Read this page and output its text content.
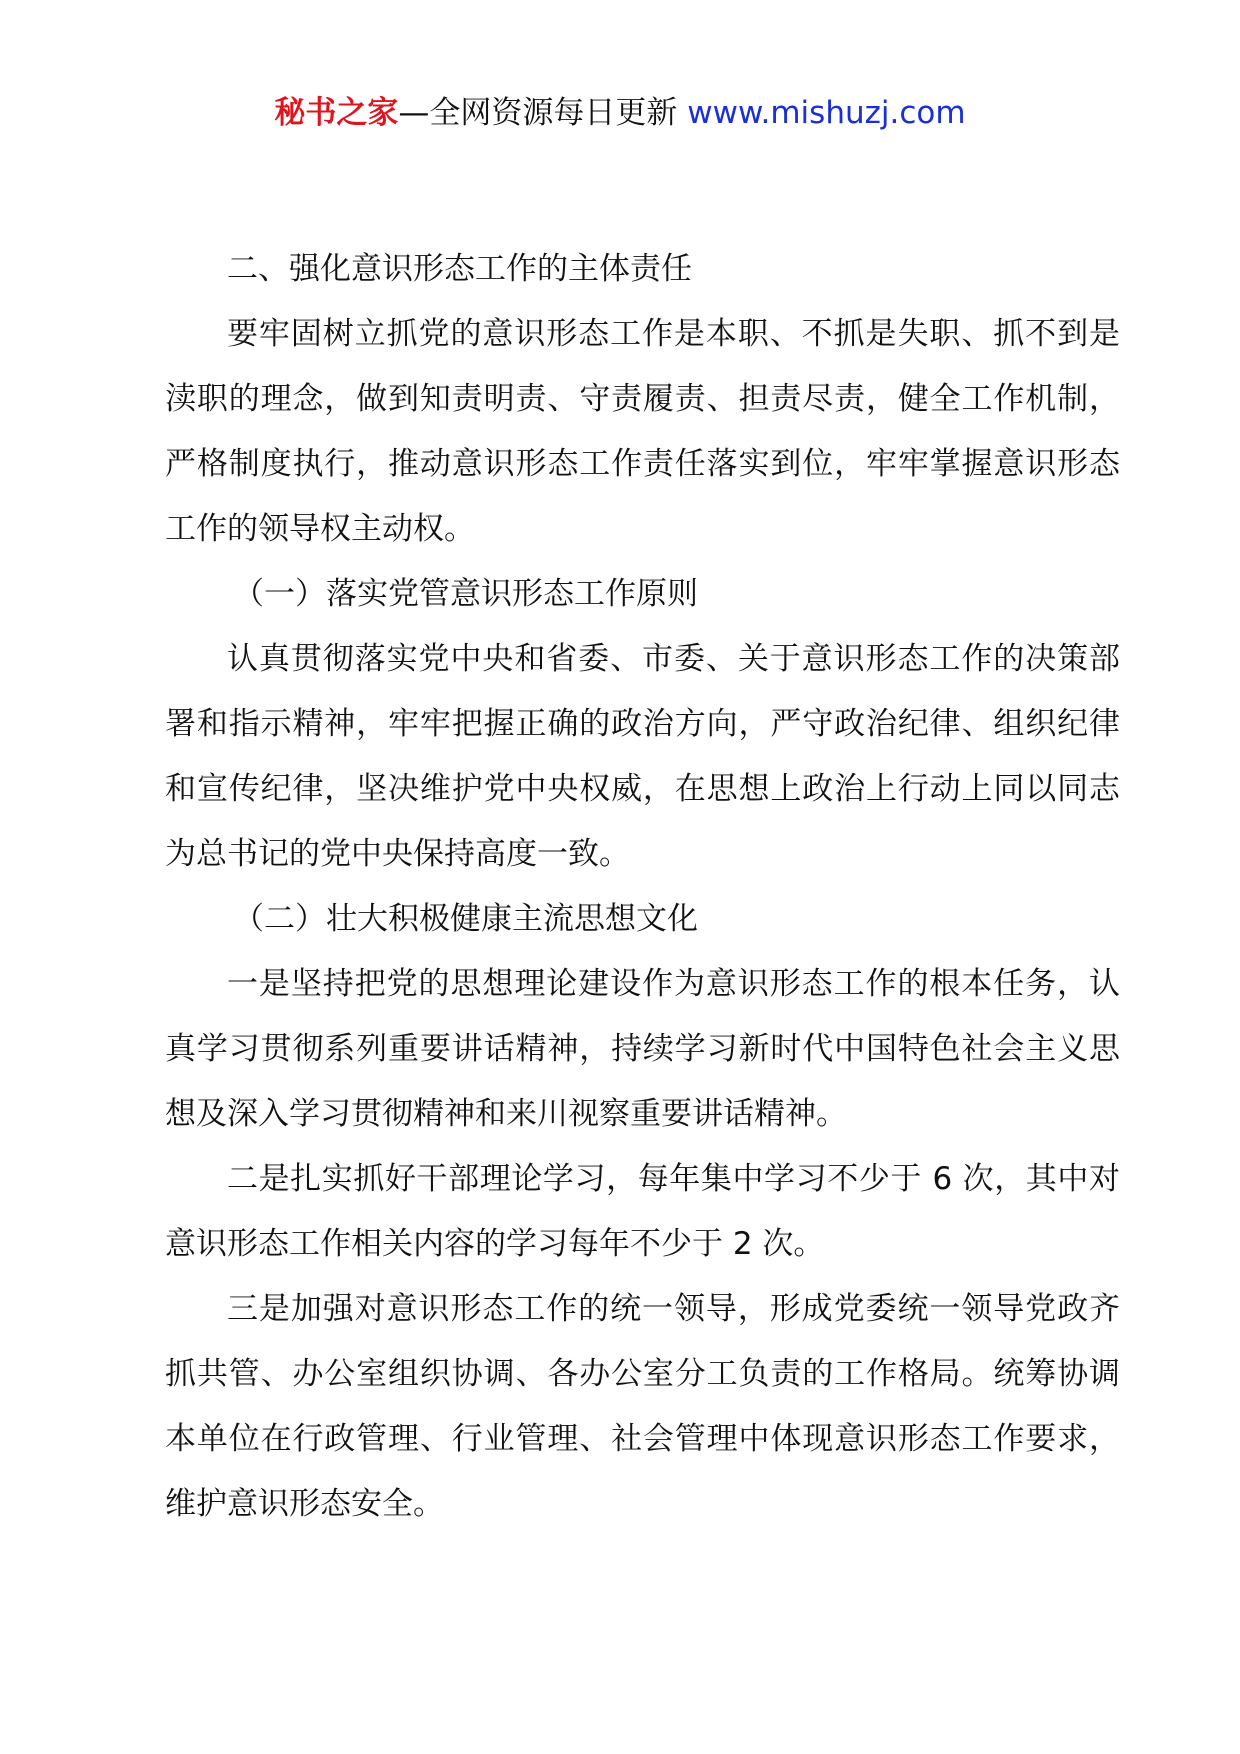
秘书之家—全网资源每日更新 www.mishuzj.com

二、强化意识形态工作的主体责任

要牢固树立抓党的意识形态工作是本职、不抓是失职、抓不到是渎职的理念，做到知责明责、守责履责、担责尽责，健全工作机制，严格制度执行，推动意识形态工作责任落实到位，牢牢掌握意识形态工作的领导权主动权。

（一）落实党管意识形态工作原则

认真贯彻落实党中央和省委、市委、关于意识形态工作的决策部署和指示精神，牢牢把握正确的政治方向，严守政治纪律、组织纪律和宣传纪律，坚决维护党中央权威，在思想上政治上行动上同以同志为总书记的党中央保持高度一致。

（二）壮大积极健康主流思想文化

一是坚持把党的思想理论建设作为意识形态工作的根本任务，认真学习贯彻系列重要讲话精神，持续学习新时代中国特色社会主义思想及深入学习贯彻精神和来川视察重要讲话精神。

二是扎实抓好干部理论学习，每年集中学习不少于 6 次，其中对意识形态工作相关内容的学习每年不少于 2 次。

三是加强对意识形态工作的统一领导，形成党委统一领导党政齐抓共管、办公室组织协调、各办公室分工负责的工作格局。统筹协调本单位在行政管理、行业管理、社会管理中体现意识形态工作要求，维护意识形态安全。
